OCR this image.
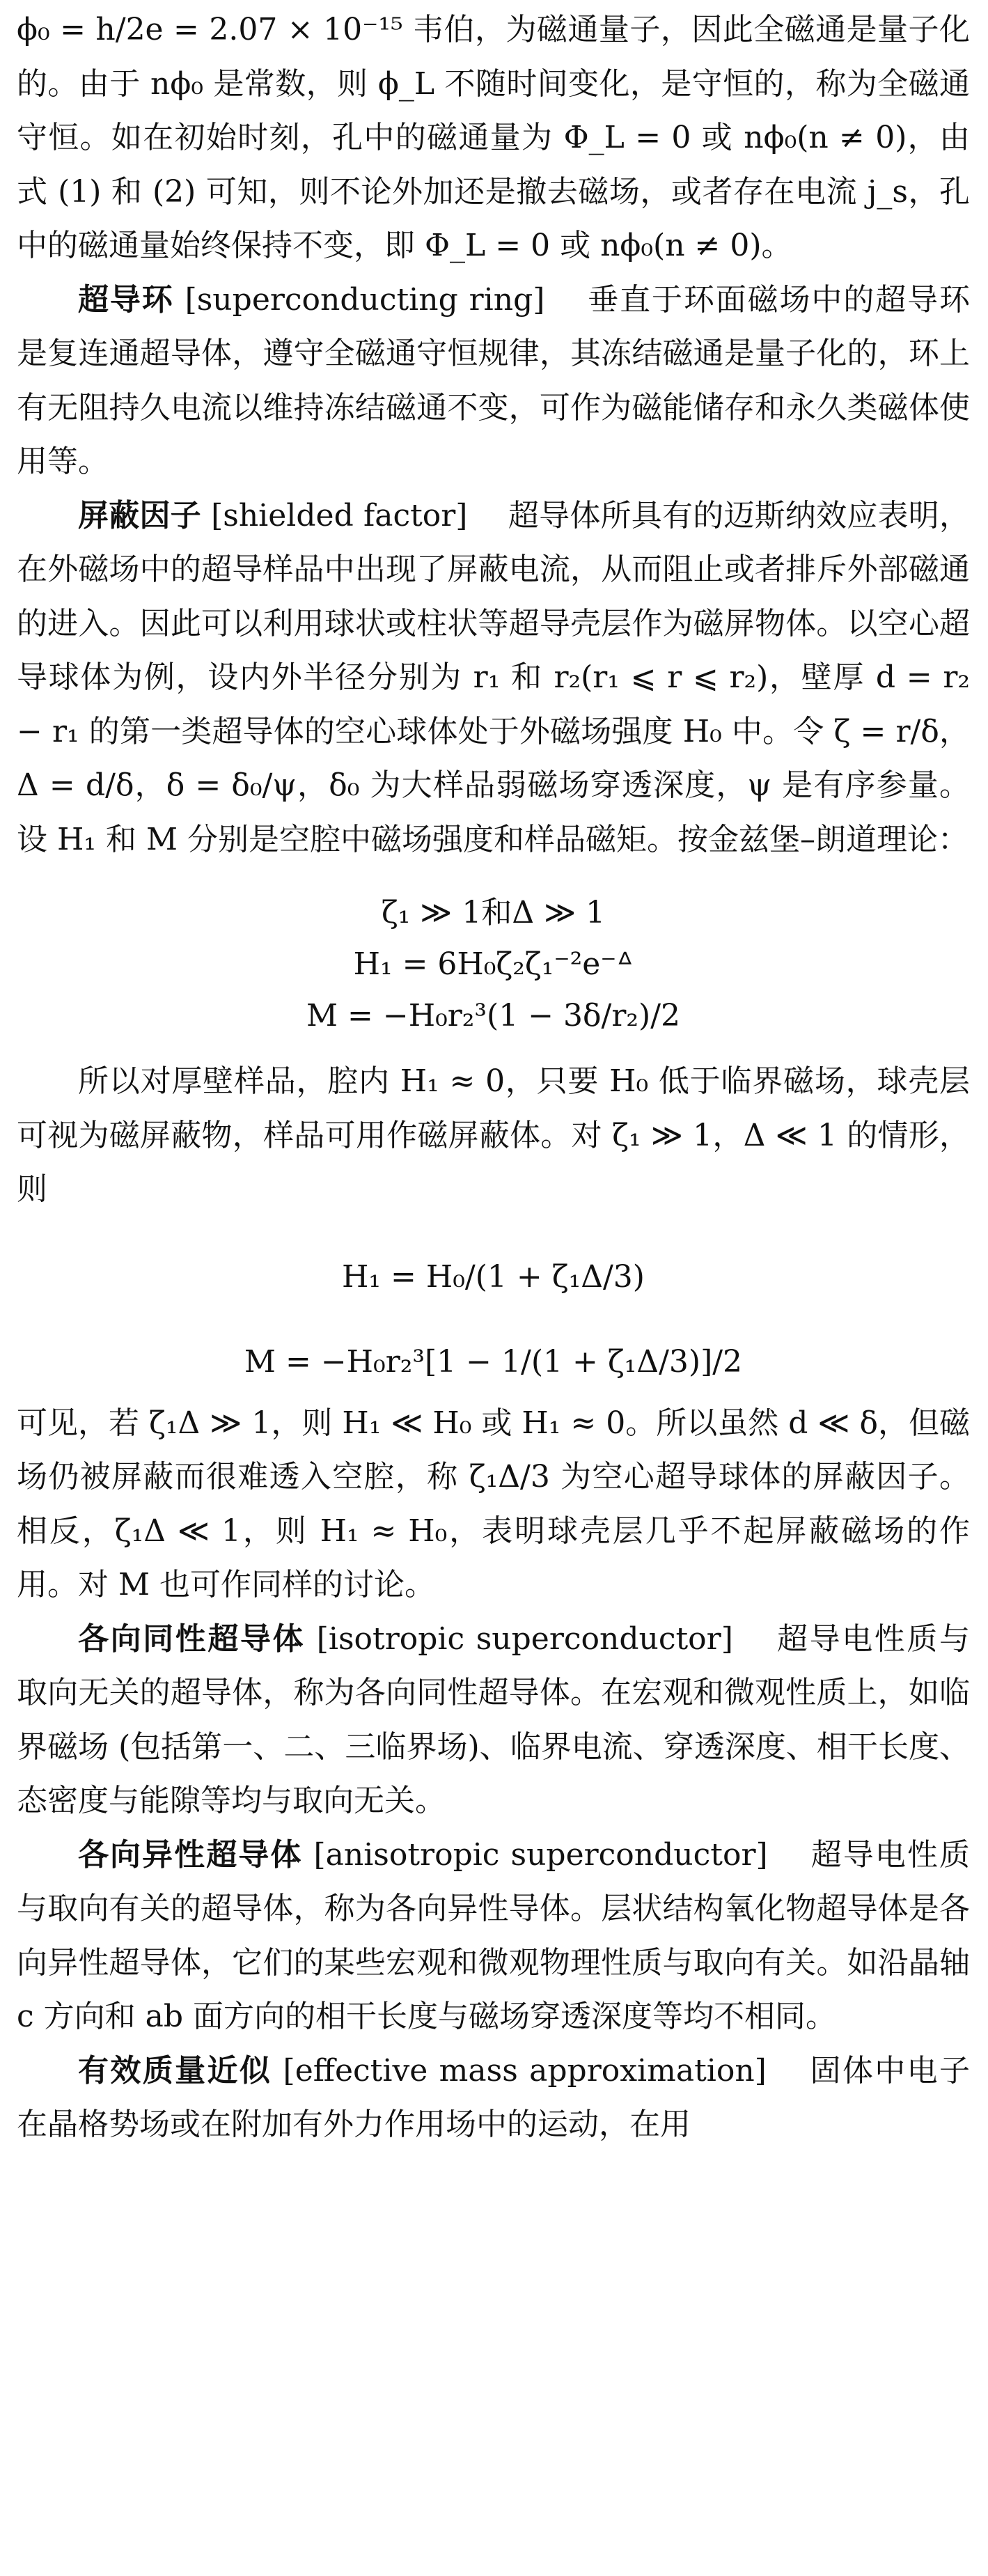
ϕ₀ = h/2e = 2.07 × 10⁻¹⁵ 韦伯，为磁通量子，因此全磁通是量子化的。由于 nϕ₀ 是常数，则 ϕ_L 不随时间变化，是守恒的，称为全磁通守恒。如在初始时刻，孔中的磁通量为 Φ_L = 0 或 nϕ₀(n ≠ 0)，由式 (1) 和 (2) 可知，则不论外加还是撤去磁场，或者存在电流 j_s，孔中的磁通量始终保持不变，即 Φ_L = 0 或 nϕ₀(n ≠ 0)。

超导环 [superconducting ring] 　垂直于环面磁场中的超导环是复连通超导体，遵守全磁通守恒规律，其冻结磁通是量子化的，环上有无阻持久电流以维持冻结磁通不变，可作为磁能储存和永久类磁体使用等。

屏蔽因子 [shielded factor] 　超导体所具有的迈斯纳效应表明，在外磁场中的超导样品中出现了屏蔽电流，从而阻止或者排斥外部磁通的进入。因此可以利用球状或柱状等超导壳层作为磁屏物体。以空心超导球体为例，设内外半径分别为 r₁ 和 r₂(r₁ ⩽ r ⩽ r₂)，壁厚 d = r₂ − r₁ 的第一类超导体的空心球体处于外磁场强度 H₀ 中。令 ζ = r/δ，Δ = d/δ，δ = δ₀/ψ，δ₀ 为大样品弱磁场穿透深度，ψ 是有序参量。设 H₁ 和 M 分别是空腔中磁场强度和样品磁矩。按金兹堡–朗道理论：

ζ₁ ≫ 1和Δ ≫ 1

H₁ = 6H₀ζ₂ζ₁⁻²e⁻ᐞ

M = −H₀r₂³(1 − 3δ/r₂)/2

所以对厚壁样品，腔内 H₁ ≈ 0，只要 H₀ 低于临界磁场，球壳层可视为磁屏蔽物，样品可用作磁屏蔽体。对 ζ₁ ≫ 1，Δ ≪ 1 的情形，则

H₁ = H₀/(1 + ζ₁Δ/3)

M = −H₀r₂³[1 − 1/(1 + ζ₁Δ/3)]/2

可见，若 ζ₁Δ ≫ 1，则 H₁ ≪ H₀ 或 H₁ ≈ 0。所以虽然 d ≪ δ，但磁场仍被屏蔽而很难透入空腔，称 ζ₁Δ/3 为空心超导球体的屏蔽因子。相反，ζ₁Δ ≪ 1，则 H₁ ≈ H₀，表明球壳层几乎不起屏蔽磁场的作用。对 M 也可作同样的讨论。

各向同性超导体 [isotropic superconductor] 　超导电性质与取向无关的超导体，称为各向同性超导体。在宏观和微观性质上，如临界磁场 (包括第一、二、三临界场)、临界电流、穿透深度、相干长度、态密度与能隙等均与取向无关。

各向异性超导体 [anisotropic superconductor] 　超导电性质与取向有关的超导体，称为各向异性导体。层状结构氧化物超导体是各向异性超导体，它们的某些宏观和微观物理性质与取向有关。如沿晶轴 c 方向和 ab 面方向的相干长度与磁场穿透深度等均不相同。

有效质量近似 [effective mass approximation] 　固体中电子在晶格势场或在附加有外力作用场中的运动，在用
